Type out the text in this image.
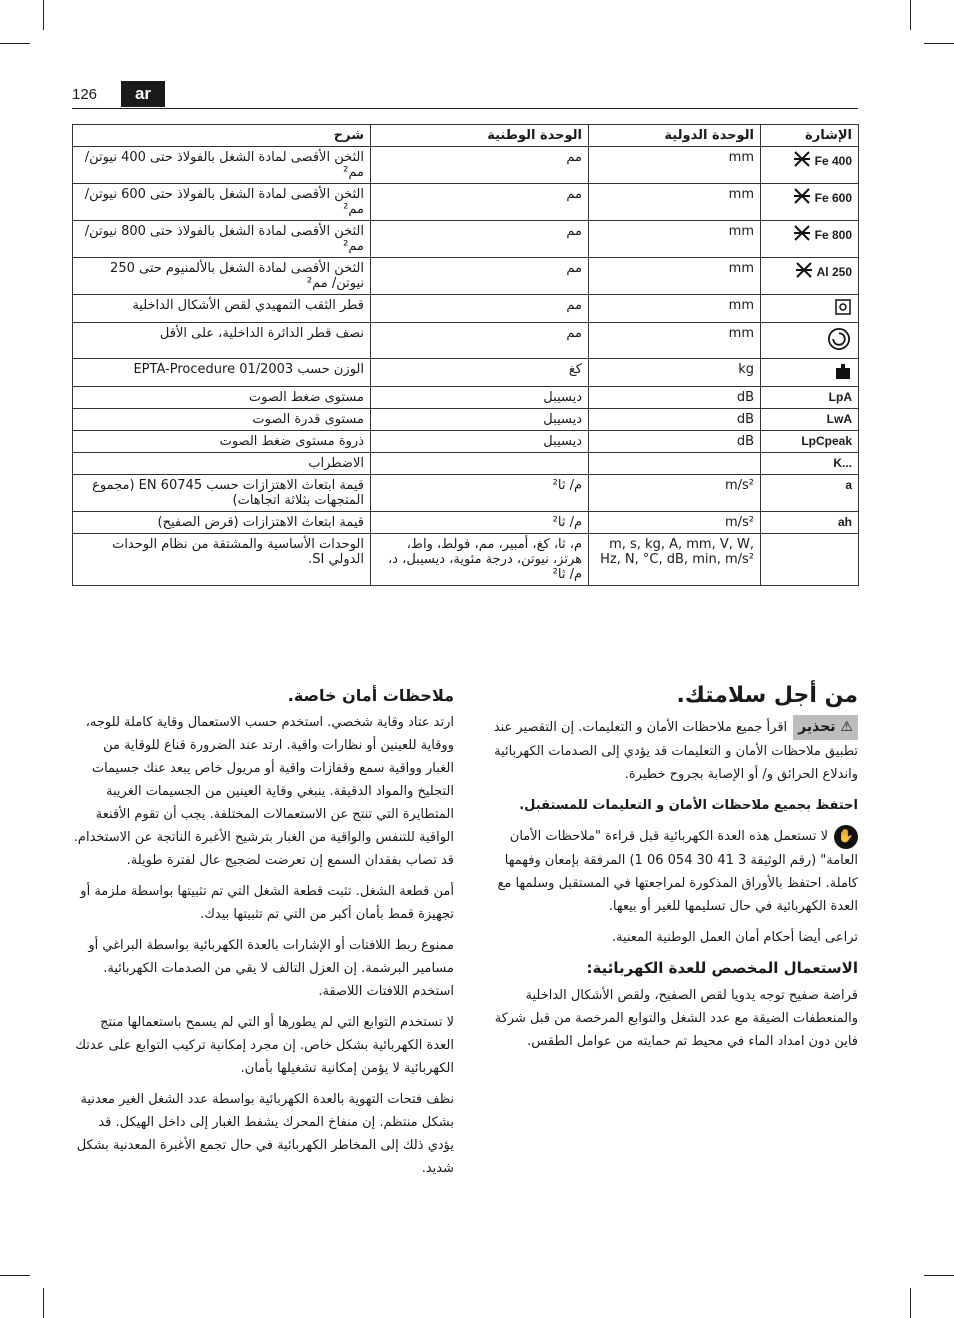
126	ar
شرح	الوحدة الوطنية	الوحدة الدولية	الإشارة
الثخن الأقصى لمادة الشغل بالفولاذ حتى 400 نيوتن/ مم²	مم	mm	Fe 400

الثخن الأقصى لمادة الشغل بالفولاذ حتى 600 نيوتن/ مم²	مم	mm	Fe 600

الثخن الأقصى لمادة الشغل بالفولاذ حتى 800 نيوتن/ مم²	مم	mm	Fe 800

الثخن الأقصى لمادة الشغل بالألمنيوم حتى 250 نيوتن/ مم²	مم	mm	Al 250

قطر الثقب التمهيدي لقص الأشكال الداخلية	مم	mm	

نصف قطر الدائرة الداخلية، على الأقل	مم	mm	

الوزن حسب EPTA-Procedure 01/2003	كغ	kg	

مستوى ضغط الصوت	ديسيبل	dB	LpA

مستوى قدرة الصوت	ديسيبل	dB	LwA

ذروة مستوى ضغط الصوت	ديسيبل	dB	LpCpeak

الاضطراب			K...

قيمة ابتعاث الاهتزازات حسب EN 60745 (مجموع المتجهات بثلاثة اتجاهات)	م/ ثا²	m/s²	a

قيمة ابتعاث الاهتزازات (قرض الصفيح)	م/ ثا²	m/s²	ah

الوحدات الأساسية والمشتقة من نظام الوحدات الدولي SI.	م، ثا، كغ، أمبير، مم، فولط، واط، هرتز، نيوتن، درجة مئوية، ديسيبل، د، م/ ثا²	m, s, kg, A, mm, V, W, Hz, N, °C, dB, min, m/s²	
من أجل سلامتك.

⚠ تحذيراقرأ جميع ملاحظات الأمان و التعليمات. إن التقصير عند تطبيق ملاحظات الأمان و التعليمات قد يؤدي إلى الصدمات الكهربائية واندلاع الحرائق و/ أو الإصابة بجروح خطيرة.

احتفظ بجميع ملاحظات الأمان و التعليمات للمستقبل.

✋لا تستعمل هذه العدة الكهربائية قبل قراءة "ملاحظات الأمان العامة" (رقم الوثيقة 3 41 30 054 06 1) المرفقة بإمعان وفهمها كاملة. احتفظ بالأوراق المذكورة لمراجعتها في المستقبل وسلمها مع العدة الكهربائية في حال تسليمها للغير أو بيعها.

تراعى أيضا أحكام أمان العمل الوطنية المعنية.

الاستعمال المخصص للعدة الكهربائية:

قراضة صفيح توجه يدويا لقص الصفيح، ولقص الأشكال الداخلية والمنعطفات الضيقة مع عدد الشغل والتوابع المرخصة من قبل شركة فاين دون امداد الماء في محيط تم حمايته من عوامل الطقس.

ملاحظات أمان خاصة.

ارتد عتاد وقاية شخصي. استخدم حسب الاستعمال وقاية كاملة للوجه، ووقاية للعينين أو نظارات واقية. ارتد عند الضرورة قناع للوقاية من الغبار وواقية سمع وقفازات واقية أو مريول خاص يبعد عنك جسيمات التجليخ والمواد الدقيقة. ينبغي وقاية العينين من الجسيمات الغريبة المتطايرة التي تنتج عن الاستعمالات المختلفة. يجب أن تقوم الأقنعة الواقية للتنفس والواقية من الغبار بترشيح الأغبرة الناتجة عن الاستخدام. قد تصاب بفقدان السمع إن تعرضت لضجيج عال لفترة طويلة.

أمن قطعة الشغل. تثبت قطعة الشغل التي تم تثبيتها بواسطة ملزمة أو تجهيزة قمط بأمان أكبر من التي تم تثبيتها بيدك.

ممنوع ربط اللافتات أو الإشارات بالعدة الكهربائية بواسطة البراغي أو مسامير البرشمة. إن العزل التالف لا يقي من الصدمات الكهربائية. استخدم اللافتات اللاصقة.

لا تستخدم التوابع التي لم يطورها أو التي لم يسمح باستعمالها منتج العدة الكهربائية بشكل خاص. إن مجرد إمكانية تركيب التوابع على عدتك الكهربائية لا يؤمن إمكانية تشغيلها بأمان.

نظف فتحات التهوية بالعدة الكهربائية بواسطة عدد الشغل الغير معدنية بشكل منتظم. إن منفاخ المحرك يشفط الغبار إلى داخل الهيكل. قد يؤدي ذلك إلى المخاطر الكهربائية في حال تجمع الأغبرة المعدنية بشكل شديد.
